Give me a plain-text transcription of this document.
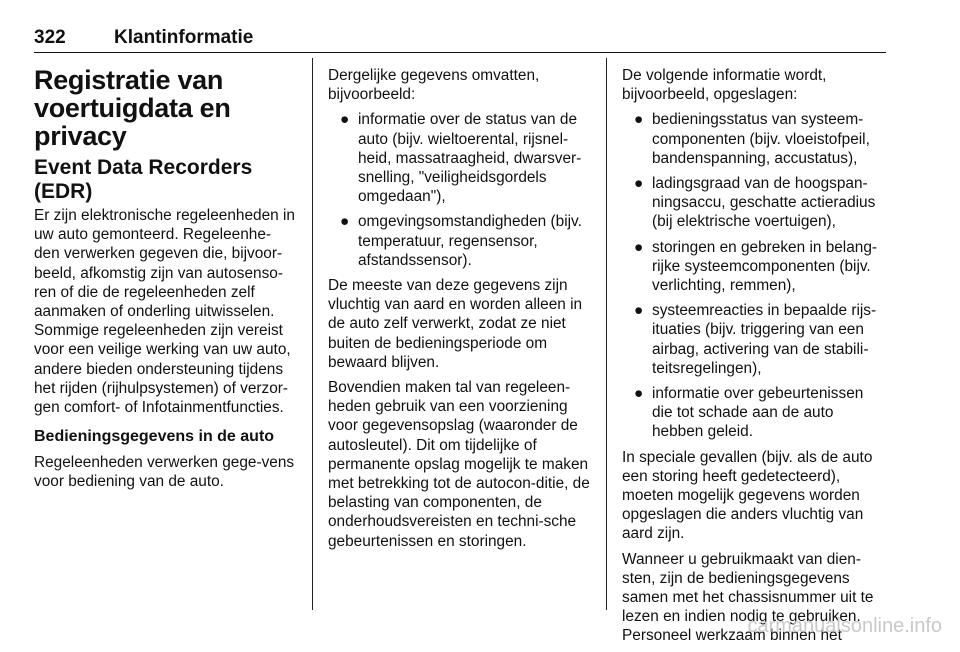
322	Klantinformatie
Registratie van voertuigdata en privacy
Event Data Recorders (EDR)

Er zijn elektronische regeleenheden in uw auto gemonteerd. Regeleenhe-den verwerken gegeven die, bijvoor-beeld, afkomstig zijn van autosenso-ren of die de regeleenheden zelf aanmaken of onderling uitwisselen. Sommige regeleenheden zijn vereist voor een veilige werking van uw auto, andere bieden ondersteuning tijdens het rijden (rijhulpsystemen) of verzor-gen comfort- of Infotainmentfuncties.

Bedieningsgegevens in de auto

Regeleenheden verwerken gege-vens voor bediening van de auto.

Dergelijke gegevens omvatten, bijvoorbeeld:

● informatie over de status van de auto (bijv. wieltoerental, rijsnel-heid, massatraagheid, dwarsver-snelling, "veiligheidsgordels omgedaan"),
● omgevingsomstandigheden (bijv. temperatuur, regensensor, afstandssensor).

De meeste van deze gegevens zijn vluchtig van aard en worden alleen in de auto zelf verwerkt, zodat ze niet buiten de bedieningsperiode om bewaard blijven.

Bovendien maken tal van regeleen-heden gebruik van een voorziening voor gegevensopslag (waaronder de autosleutel). Dit om tijdelijke of permanente opslag mogelijk te maken met betrekking tot de autocon-ditie, de belasting van componenten, de onderhoudsvereisten en techni-sche gebeurtenissen en storingen.

De volgende informatie wordt, bijvoorbeeld, opgeslagen:

● bedieningsstatus van systeem-componenten (bijv. vloeistofpeil, bandenspanning, accustatus),
● ladingsgraad van de hoogspan-ningsaccu, geschatte actieradius (bij elektrische voertuigen),
● storingen en gebreken in belang-rijke systeemcomponenten (bijv. verlichting, remmen),
● systeemreacties in bepaalde rijs-ituaties (bijv. triggering van een airbag, activering van de stabili-teitsregelingen),
● informatie over gebeurtenissen die tot schade aan de auto hebben geleid.

In speciale gevallen (bijv. als de auto een storing heeft gedetecteerd), moeten mogelijk gegevens worden opgeslagen die anders vluchtig van aard zijn.

Wanneer u gebruikmaakt van dien-sten, zijn de bedieningsgegevens samen met het chassisnummer uit te lezen en indien nodig te gebruiken. Personeel werkzaam binnen het

carmanualsonline.info
